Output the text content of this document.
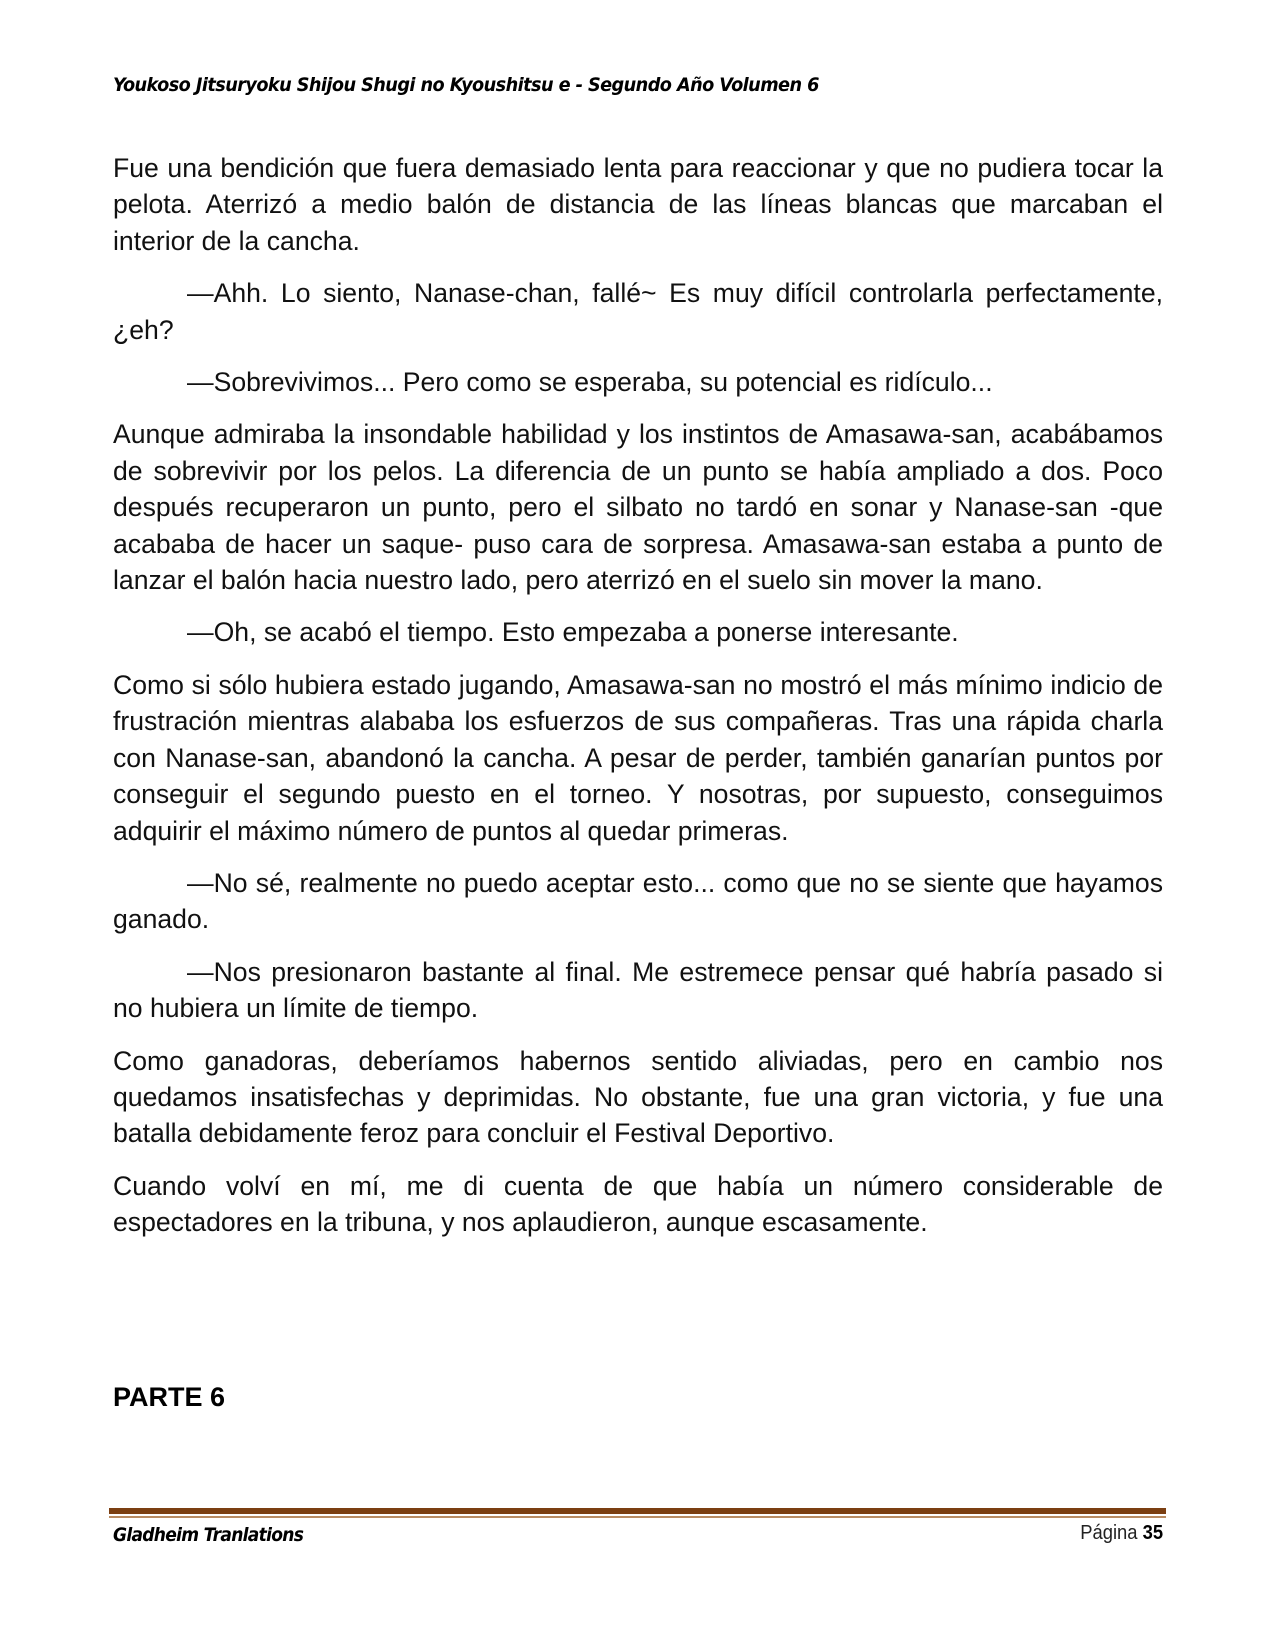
Youkoso Jitsuryoku Shijou Shugi no Kyoushitsu e - Segundo Año Volumen 6

Fue una bendición que fuera demasiado lenta para reaccionar y que no pudiera tocar la pelota. Aterrizó a medio balón de distancia de las líneas blancas que marcaban el interior de la cancha.

—Ahh. Lo siento, Nanase-chan, fallé~ Es muy difícil controlarla perfectamente, ¿eh?

—Sobrevivimos... Pero como se esperaba, su potencial es ridículo...

Aunque admiraba la insondable habilidad y los instintos de Amasawa-san, acabábamos de sobrevivir por los pelos. La diferencia de un punto se había ampliado a dos. Poco después recuperaron un punto, pero el silbato no tardó en sonar y Nanase-san -que acababa de hacer un saque- puso cara de sorpresa. Amasawa-san estaba a punto de lanzar el balón hacia nuestro lado, pero aterrizó en el suelo sin mover la mano.

—Oh, se acabó el tiempo. Esto empezaba a ponerse interesante.

Como si sólo hubiera estado jugando, Amasawa-san no mostró el más mínimo indicio de frustración mientras alababa los esfuerzos de sus compañeras. Tras una rápida charla con Nanase-san, abandonó la cancha. A pesar de perder, también ganarían puntos por conseguir el segundo puesto en el torneo. Y nosotras, por supuesto, conseguimos adquirir el máximo número de puntos al quedar primeras.

—No sé, realmente no puedo aceptar esto... como que no se siente que hayamos ganado.

—Nos presionaron bastante al final. Me estremece pensar qué habría pasado si no hubiera un límite de tiempo.

Como ganadoras, deberíamos habernos sentido aliviadas, pero en cambio nos quedamos insatisfechas y deprimidas. No obstante, fue una gran victoria, y fue una batalla debidamente feroz para concluir el Festival Deportivo.

Cuando volví en mí, me di cuenta de que había un número considerable de espectadores en la tribuna, y nos aplaudieron, aunque escasamente.

PARTE 6
Gladheim Tranlations	Página 35
